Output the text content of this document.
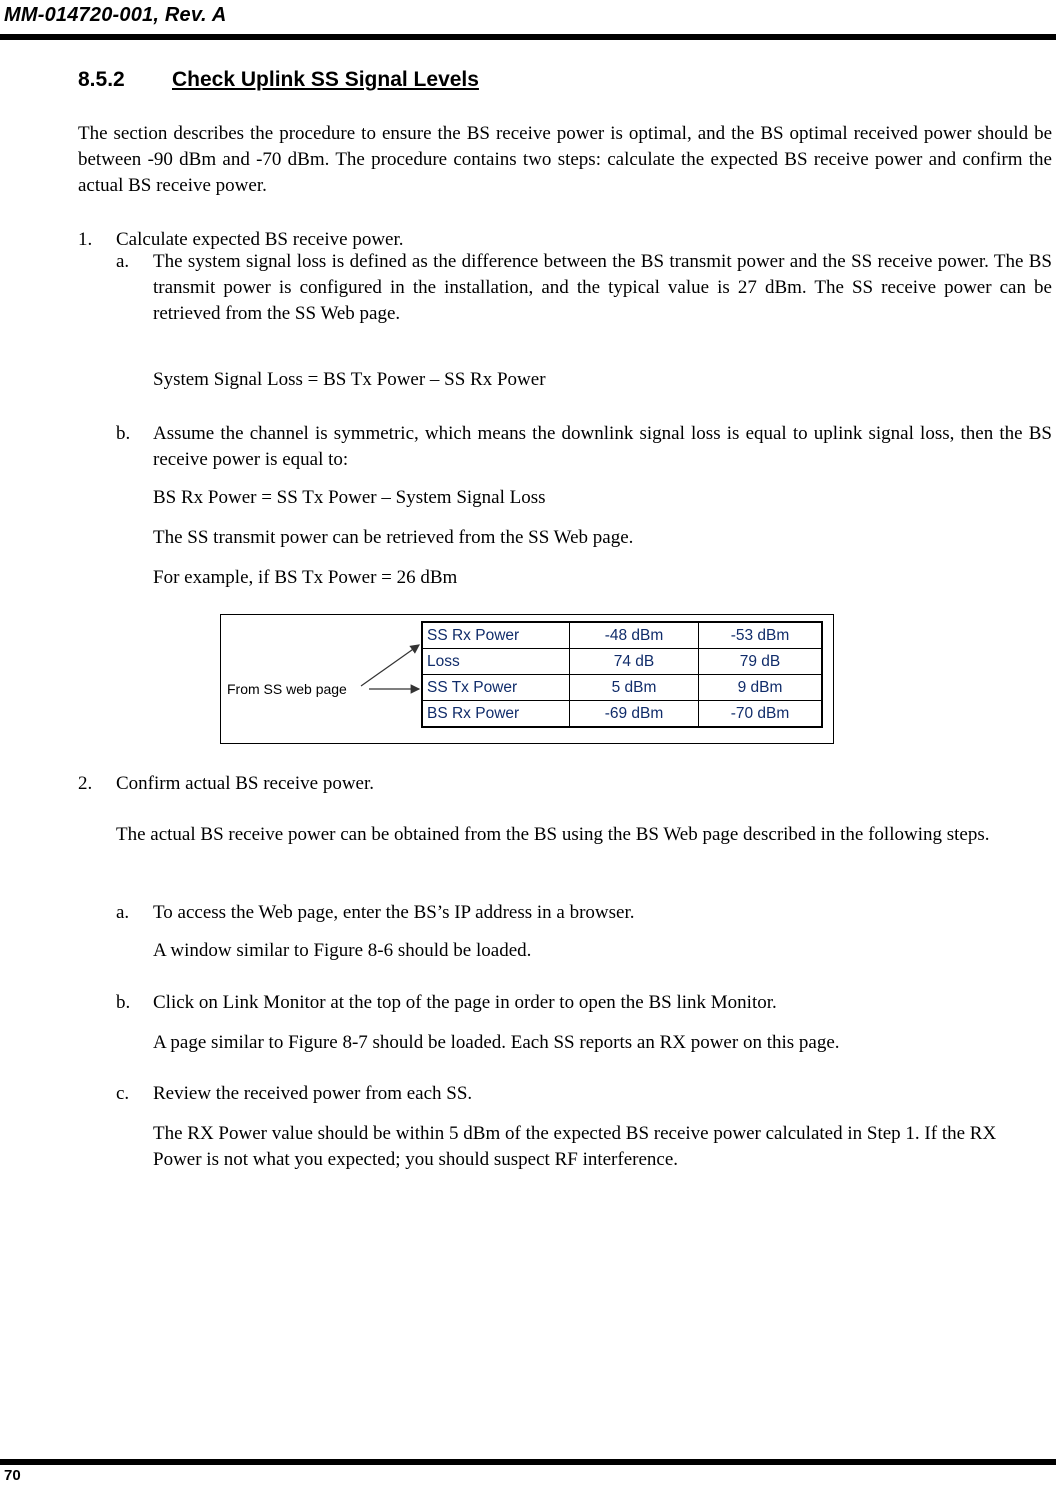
MM-014720-001, Rev. A
8.5.2 Check Uplink SS Signal Levels
The section describes the procedure to ensure the BS receive power is optimal, and the BS optimal received power should be between -90 dBm and -70 dBm. The procedure contains two steps: calculate the expected BS receive power and confirm the actual BS receive power.
1. Calculate expected BS receive power.
a. The system signal loss is defined as the difference between the BS transmit power and the SS receive power. The BS transmit power is configured in the installation, and the typical value is 27 dBm. The SS receive power can be retrieved from the SS Web page.
System Signal Loss = BS Tx Power – SS Rx Power
b. Assume the channel is symmetric, which means the downlink signal loss is equal to uplink signal loss, then the BS receive power is equal to:
BS Rx Power = SS Tx Power – System Signal Loss
The SS transmit power can be retrieved from the SS Web page.
For example, if BS Tx Power = 26 dBm
From SS web page
SS Rx Power	-48 dBm	-53 dBm
Loss	74 dB	79 dB
SS Tx Power	5 dBm	9 dBm
BS Rx Power	-69 dBm	-70 dBm
2. Confirm actual BS receive power.
The actual BS receive power can be obtained from the BS using the BS Web page described in the following steps.
a. To access the Web page, enter the BS’s IP address in a browser.
A window similar to Figure 8-6 should be loaded.
b. Click on Link Monitor at the top of the page in order to open the BS link Monitor.
A page similar to Figure 8-7 should be loaded. Each SS reports an RX power on this page.
c. Review the received power from each SS.
The RX Power value should be within 5 dBm of the expected BS receive power calculated in Step 1. If the RX Power is not what you expected; you should suspect RF interference.
70
